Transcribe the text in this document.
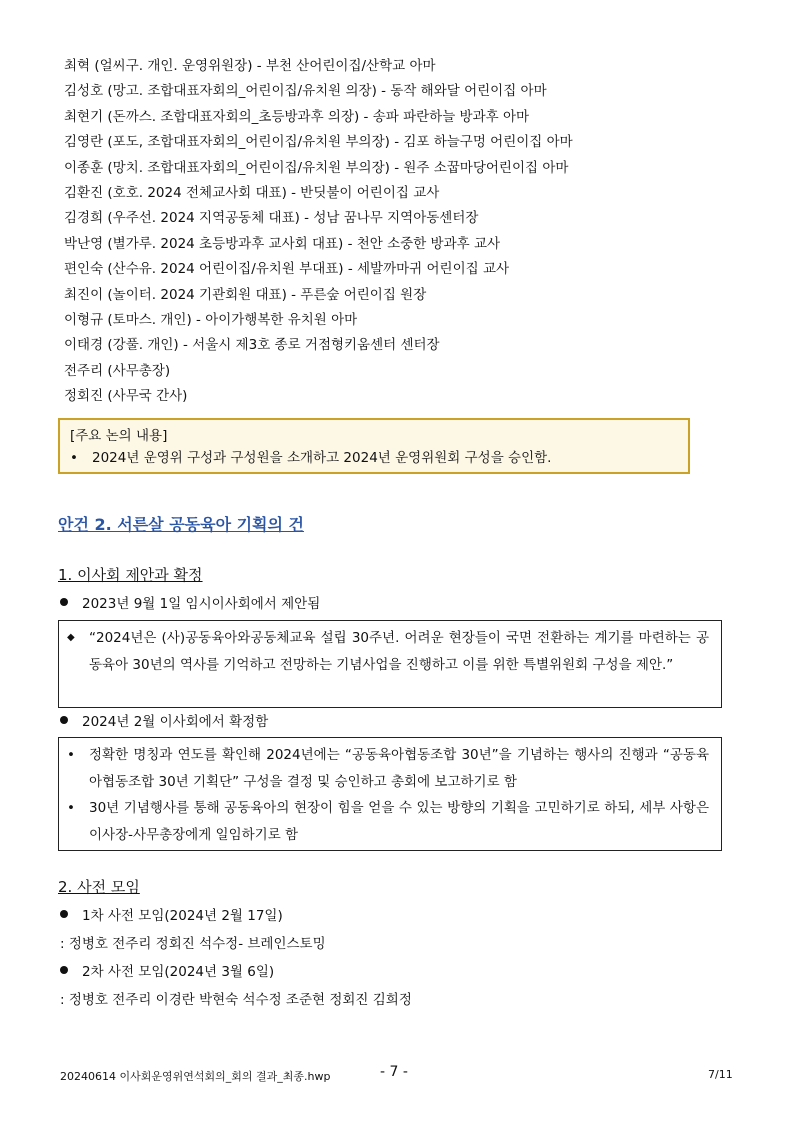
최혁 (얼씨구. 개인. 운영위원장) - 부천 산어린이집/산학교 아마
김성호 (망고. 조합대표자회의_어린이집/유치원 의장) - 동작 해와달 어린이집 아마
최현기 (돈까스. 조합대표자회의_초등방과후 의장) - 송파 파란하늘 방과후 아마
김영란 (포도, 조합대표자회의_어린이집/유치원 부의장) - 김포 하늘구멍 어린이집 아마
이종훈 (망치. 조합대표자회의_어린이집/유치원 부의장) - 원주 소꿉마당어린이집 아마
김환진 (호호. 2024 전체교사회 대표) - 반딧불이 어린이집 교사
김경희 (우주선. 2024 지역공동체 대표) - 성남 꿈나무 지역아동센터장
박난영 (별가루. 2024 초등방과후 교사회 대표) - 천안 소중한 방과후 교사
편인숙 (산수유. 2024 어린이집/유치원 부대표) - 세발까마귀 어린이집 교사
최진이 (놀이터. 2024 기관회원 대표) - 푸른숲 어린이집 원장
이형규 (토마스. 개인) - 아이가행복한 유치원 아마
이태경 (강풀. 개인) - 서울시 제3호 종로 거점형키움센터 센터장
전주리 (사무총장)
정회진 (사무국 간사)
[주요 논의 내용]
•	2024년 운영위 구성과 구성원을 소개하고 2024년 운영위원회 구성을 승인함.
안건 2. 서른살 공동육아 기획의 건
1. 이사회 제안과 확정
2023년 9월 1일 임시이사회에서 제안됨
◆	“2024년은 (사)공동육아와공동체교육 설립 30주년. 어려운 현장들이 국면 전환하는 계기를 마련하는 공동육아 30년의 역사를 기억하고 전망하는 기념사업을 진행하고 이를 위한 특별위원회 구성을 제안.”
2024년 2월 이사회에서 확정함
•	정확한 명칭과 연도를 확인해 2024년에는 “공동육아협동조합 30년”을 기념하는 행사의 진행과 “공동육아협동조합 30년 기획단” 구성을 결정 및 승인하고 총회에 보고하기로 함
•	30년 기념행사를 통해 공동육아의 현장이 힘을 얻을 수 있는 방향의 기획을 고민하기로 하되, 세부 사항은 이사장-사무총장에게 일임하기로 함
2. 사전 모임
1차 사전 모임(2024년 2월 17일)
: 정병호 전주리 정회진 석수정- 브레인스토밍
2차 사전 모임(2024년 3월 6일)
: 정병호 전주리 이경란 박현숙 석수정 조준현 정회진 김희정
20240614 이사회운영위연석회의_회의 결과_최종.hwp	- 7 -	7/11
